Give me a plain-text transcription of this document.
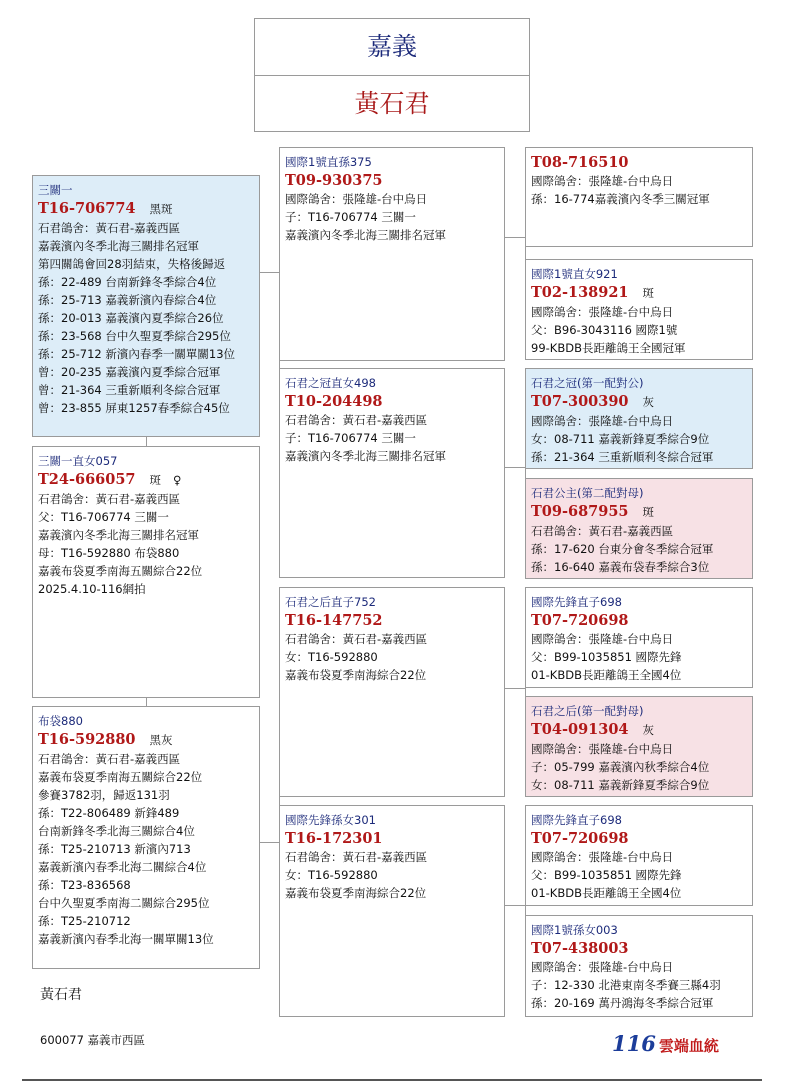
嘉義
黃石君
三關一
T16-706774 黑斑
石君鴿舍：黃石君-嘉義西區
嘉義濱內冬季北海三關排名冠軍
第四關鴿會回28羽結束，失格後歸返
孫：22-489 台南新鋒冬季綜合4位
孫：25-713 嘉義新濱內春綜合4位
孫：20-013 嘉義濱內夏季綜合26位
孫：23-568 台中久聖夏季綜合295位
孫：25-712 新濱內春季一關單關13位
曾：20-235 嘉義濱內夏季綜合冠軍
曾：21-364 三重新順利冬綜合冠軍
曾：23-855 屏東1257春季綜合45位
三關一直女057
T24-666057 斑 ♀
石君鴿舍：黃石君-嘉義西區
父：T16-706774 三關一
嘉義濱內冬季北海三關排名冠軍
母：T16-592880 布袋880
嘉義布袋夏季南海五關綜合22位
2025.4.10-116網拍
布袋880
T16-592880 黑灰
石君鴿舍：黃石君-嘉義西區
嘉義布袋夏季南海五關綜合22位
參賽3782羽，歸返131羽
孫：T22-806489 新鋒489
台南新鋒冬季北海三關綜合4位
孫：T25-210713 新濱內713
嘉義新濱內春季北海二關綜合4位
孫：T23-836568
台中久聖夏季南海二關綜合295位
孫：T25-210712
嘉義新濱內春季北海一關單關13位
國際1號直孫375
T09-930375
國際鴿舍：張隆雄-台中烏日
子：T16-706774 三關一
嘉義濱內冬季北海三關排名冠軍
石君之冠直女498
T10-204498
石君鴿舍：黃石君-嘉義西區
子：T16-706774 三關一
嘉義濱內冬季北海三關排名冠軍
石君之后直子752
T16-147752
石君鴿舍：黃石君-嘉義西區
女：T16-592880
嘉義布袋夏季南海綜合22位
國際先鋒孫女301
T16-172301
石君鴿舍：黃石君-嘉義西區
女：T16-592880
嘉義布袋夏季南海綜合22位
T08-716510
國際鴿舍：張隆雄-台中烏日
孫：16-774嘉義濱內冬季三關冠軍
國際1號直女921
T02-138921 斑
國際鴿舍：張隆雄-台中烏日
父：B96-3043116 國際1號
99-KBDB長距離鴿王全國冠軍
石君之冠(第一配對公)
T07-300390 灰
國際鴿舍：張隆雄-台中烏日
女：08-711 嘉義新鋒夏季綜合9位
孫：21-364 三重新順利冬綜合冠軍
石君公主(第二配對母)
T09-687955 斑
石君鴿舍：黃石君-嘉義西區
孫：17-620 台東分會冬季綜合冠軍
孫：16-640 嘉義布袋春季綜合3位
國際先鋒直子698
T07-720698
國際鴿舍：張隆雄-台中烏日
父：B99-1035851 國際先鋒
01-KBDB長距離鴿王全國4位
石君之后(第一配對母)
T04-091304 灰
國際鴿舍：張隆雄-台中烏日
子：05-799 嘉義濱內秋季綜合4位
女：08-711 嘉義新鋒夏季綜合9位
國際先鋒直子698
T07-720698
國際鴿舍：張隆雄-台中烏日
父：B99-1035851 國際先鋒
01-KBDB長距離鴿王全國4位
國際1號孫女003
T07-438003
國際鴿舍：張隆雄-台中烏日
子：12-330 北港東南冬季賽三縣4羽
孫：20-169 萬丹鴻海冬季綜合冠軍
黃石君
600077 嘉義市西區	116 雲端血統
